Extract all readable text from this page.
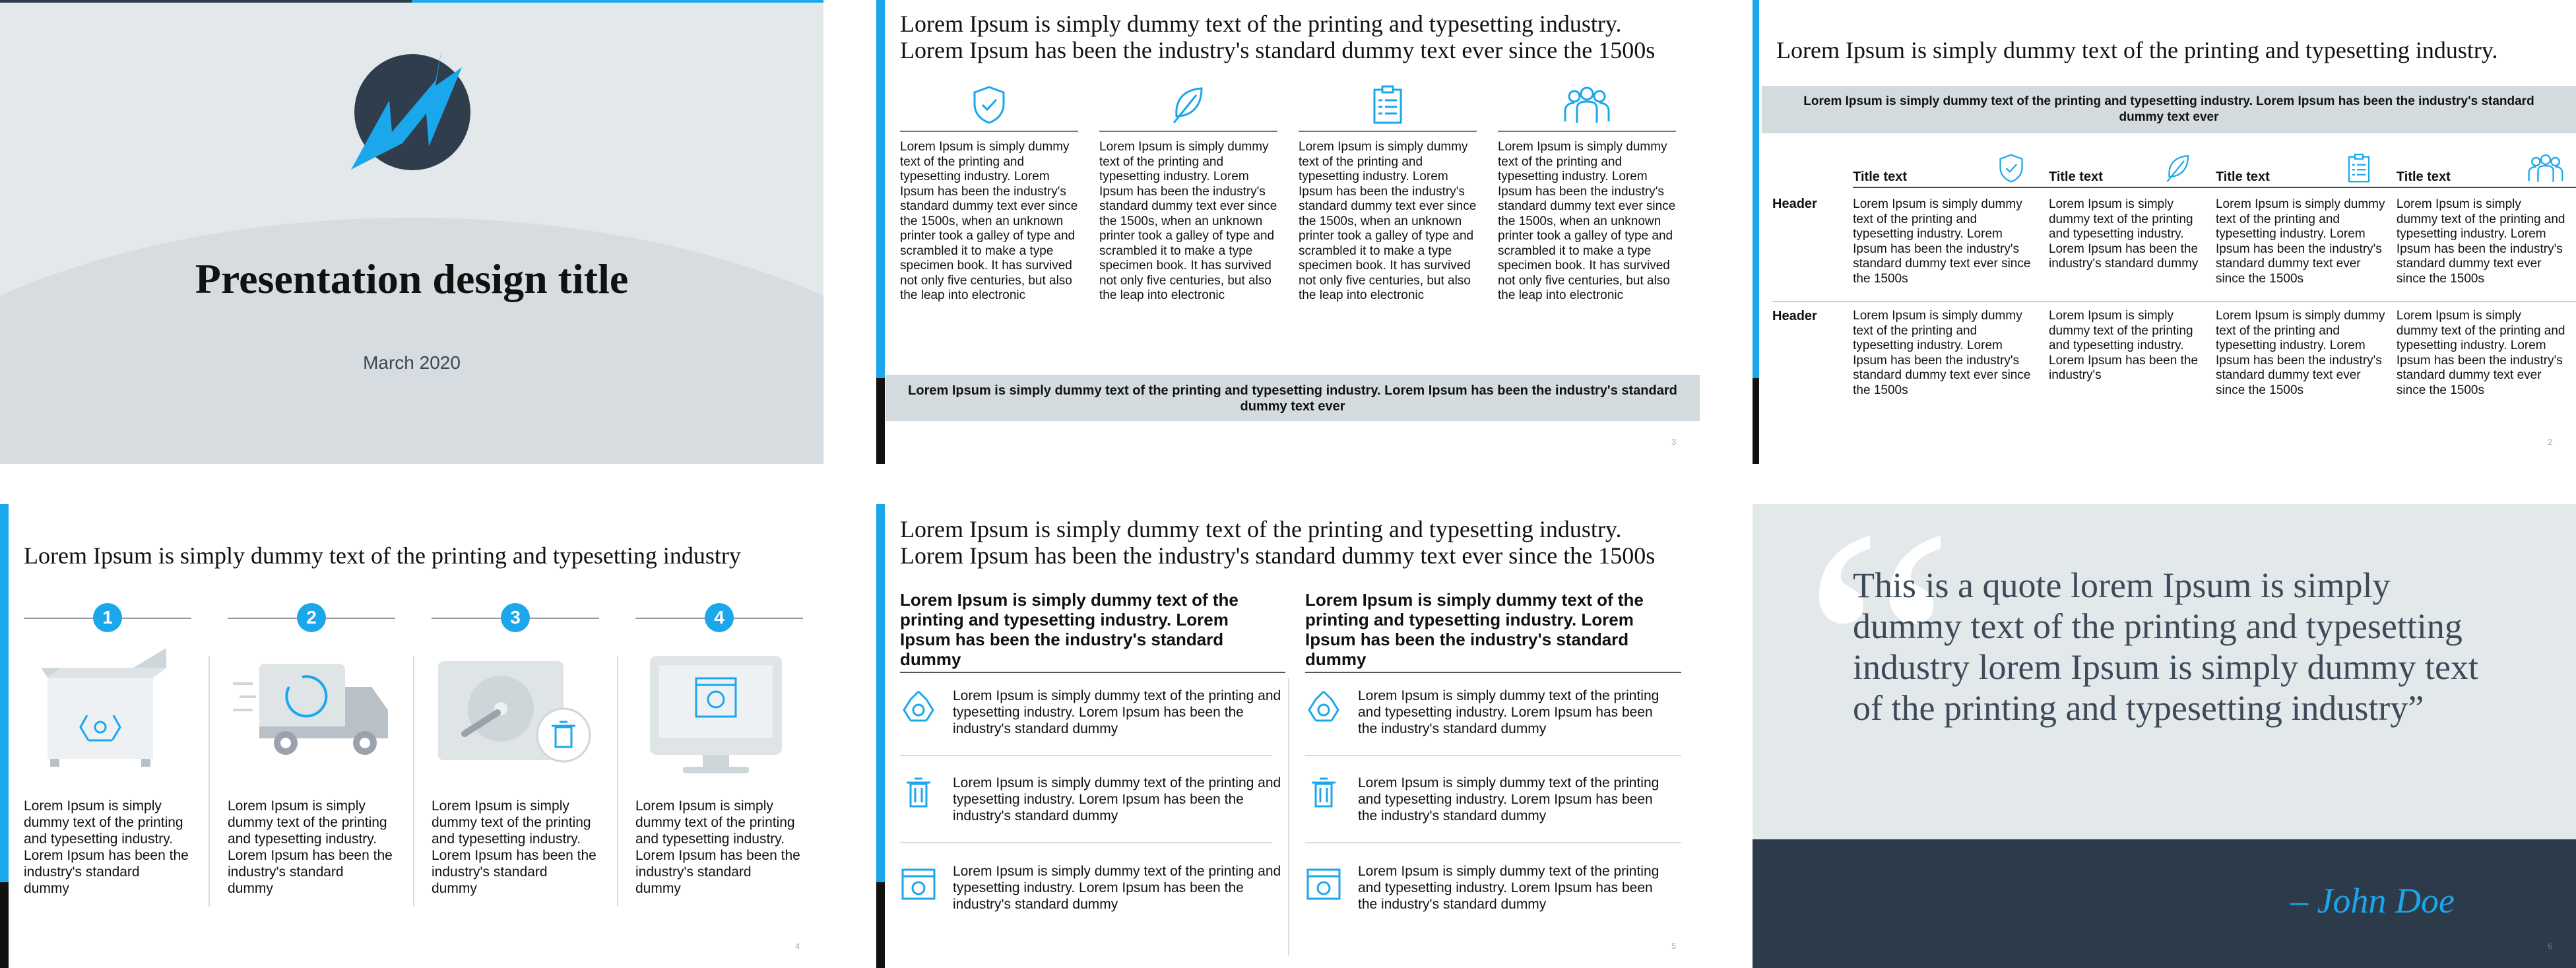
Presentation design title
March 2020
Lorem Ipsum is simply dummy text of the printing and typesetting industry. Lorem Ipsum has been the industry's standard dummy text ever since the 1500s
Lorem Ipsum is simply dummy text of the printing and typesetting industry. Lorem Ipsum has been the industry's standard dummy text ever since the 1500s, when an unknown printer took a galley of type and scrambled it to make a type specimen book. It has survived not only five centuries, but also the leap into electronic
Lorem Ipsum is simply dummy text of the printing and typesetting industry. Lorem Ipsum has been the industry's standard dummy text ever since the 1500s, when an unknown printer took a galley of type and scrambled it to make a type specimen book. It has survived not only five centuries, but also the leap into electronic
Lorem Ipsum is simply dummy text of the printing and typesetting industry. Lorem Ipsum has been the industry's standard dummy text ever since the 1500s, when an unknown printer took a galley of type and scrambled it to make a type specimen book. It has survived not only five centuries, but also the leap into electronic
Lorem Ipsum is simply dummy text of the printing and typesetting industry. Lorem Ipsum has been the industry's standard dummy text ever since the 1500s, when an unknown printer took a galley of type and scrambled it to make a type specimen book. It has survived not only five centuries, but also the leap into electronic
Lorem Ipsum is simply dummy text of the printing and typesetting industry. Lorem Ipsum has been the industry's standard dummy text ever
3
Lorem Ipsum is simply dummy text of the printing and typesetting industry.
Lorem Ipsum is simply dummy text of the printing and typesetting industry. Lorem Ipsum has been the industry's standard dummy text ever

	Title text	Title text	Title text	Title text

Header	Lorem Ipsum is simply dummy text of the printing and typesetting industry. Lorem Ipsum has been the industry's standard dummy text ever since the 1500s	Lorem Ipsum is simply dummy text of the printing and typesetting industry. Lorem Ipsum has been the industry's standard dummy	Lorem Ipsum is simply dummy text of the printing and typesetting industry. Lorem Ipsum has been the industry's standard dummy text ever since the 1500s	Lorem Ipsum is simply dummy text of the printing and typesetting industry. Lorem Ipsum has been the industry's standard dummy text ever since the 1500s
Header	Lorem Ipsum is simply dummy text of the printing and typesetting industry. Lorem Ipsum has been the industry's standard dummy text ever since the 1500s	Lorem Ipsum is simply dummy text of the printing and typesetting industry. Lorem Ipsum has been the industry's	Lorem Ipsum is simply dummy text of the printing and typesetting industry. Lorem Ipsum has been the industry's standard dummy text ever since the 1500s	Lorem Ipsum is simply dummy text of the printing and typesetting industry. Lorem Ipsum has been the industry's standard dummy text ever since the 1500s
2
Lorem Ipsum is simply dummy text of the printing and typesetting industry
1
Lorem Ipsum is simply dummy text of the printing and typesetting industry. Lorem Ipsum has been the industry's standard dummy
2
Lorem Ipsum is simply dummy text of the printing and typesetting industry. Lorem Ipsum has been the industry's standard dummy
3
Lorem Ipsum is simply dummy text of the printing and typesetting industry. Lorem Ipsum has been the industry's standard dummy
4
Lorem Ipsum is simply dummy text of the printing and typesetting industry. Lorem Ipsum has been the industry's standard dummy
4
Lorem Ipsum is simply dummy text of the printing and typesetting industry. Lorem Ipsum has been the industry's standard dummy text ever since the 1500s
Lorem Ipsum is simply dummy text of the printing and typesetting industry. Lorem Ipsum has been the industry's standard dummy
Lorem Ipsum is simply dummy text of the printing and typesetting industry. Lorem Ipsum has been the industry's standard dummy
Lorem Ipsum is simply dummy text of the printing and typesetting industry. Lorem Ipsum has been the industry's standard dummy
Lorem Ipsum is simply dummy text of the printing and typesetting industry. Lorem Ipsum has been the industry's standard dummy
Lorem Ipsum is simply dummy text of the printing and typesetting industry. Lorem Ipsum has been the industry's standard dummy
Lorem Ipsum is simply dummy text of the printing and typesetting industry. Lorem Ipsum has been the industry's standard dummy
Lorem Ipsum is simply dummy text of the printing and typesetting industry. Lorem Ipsum has been the industry's standard dummy
Lorem Ipsum is simply dummy text of the printing and typesetting industry. Lorem Ipsum has been the industry's standard dummy
5
“
This is a quote lorem Ipsum is simply dummy text of the printing and typesetting industry lorem Ipsum is simply dummy text of the printing and typesetting industry”
– John Doe
6
